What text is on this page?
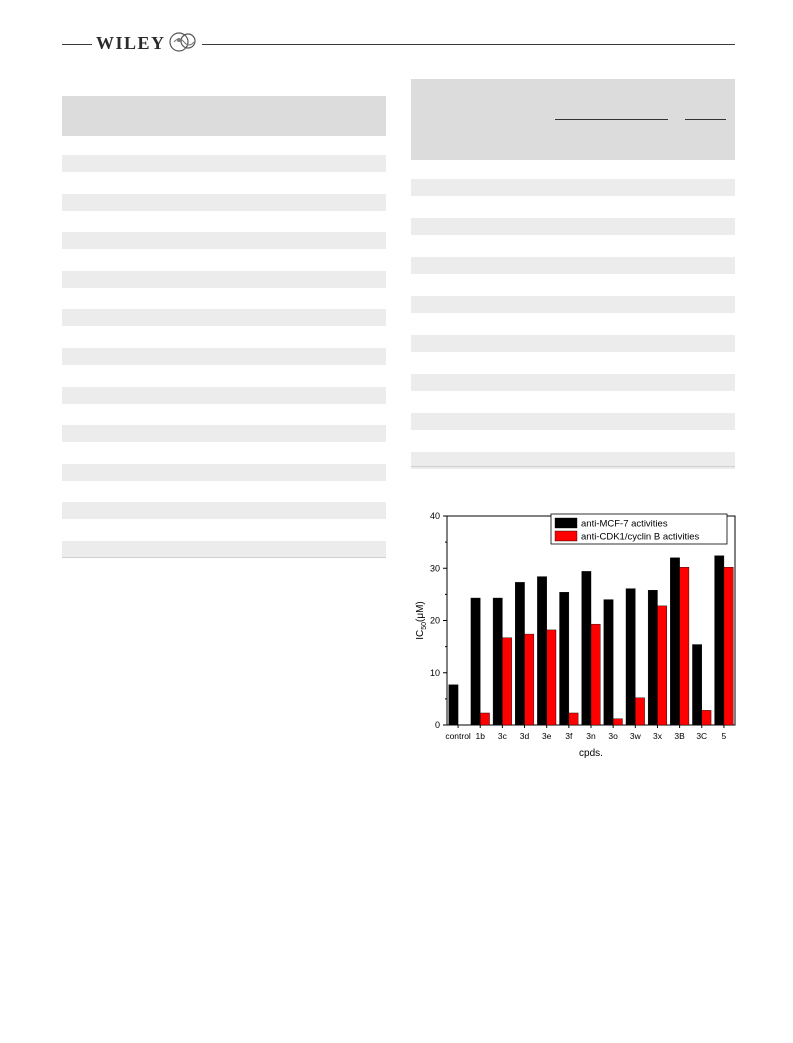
WILEY
0
10
20
30
40
control 1b 3c 3d 3e 3f 3n 3o 3w 3x 3B 3C 5
cpds.
$IC_{50}(\mu M)$
anti-MCF-7 activities
anti-CDK1/cyclin B activities
